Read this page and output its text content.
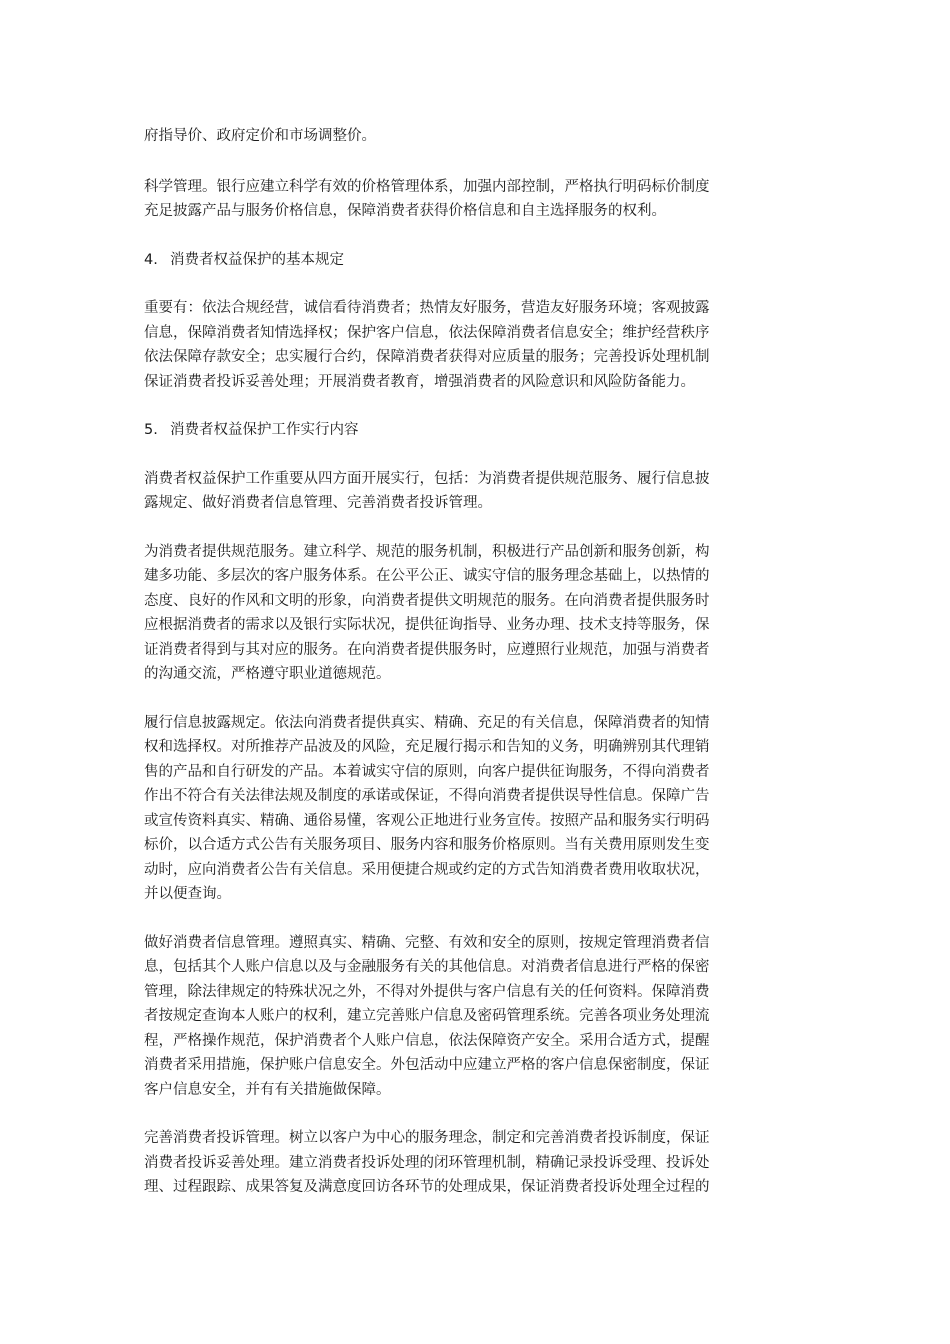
府指导价、政府定价和市场调整价。

科学管理。银行应建立科学有效的价格管理体系，加强内部控制，严格执行明码标价制度
充足披露产品与服务价格信息，保障消费者获得价格信息和自主选择服务的权利。

4. 消费者权益保护的基本规定

重要有：依法合规经营，诚信看待消费者；热情友好服务，营造友好服务环境；客观披露
信息，保障消费者知情选择权；保护客户信息，依法保障消费者信息安全；维护经营秩序
依法保障存款安全；忠实履行合约，保障消费者获得对应质量的服务；完善投诉处理机制
保证消费者投诉妥善处理；开展消费者教育，增强消费者的风险意识和风险防备能力。

5. 消费者权益保护工作实行内容

消费者权益保护工作重要从四方面开展实行，包括：为消费者提供规范服务、履行信息披
露规定、做好消费者信息管理、完善消费者投诉管理。

为消费者提供规范服务。建立科学、规范的服务机制，积极进行产品创新和服务创新，构
建多功能、多层次的客户服务体系。在公平公正、诚实守信的服务理念基础上，以热情的
态度、良好的作风和文明的形象，向消费者提供文明规范的服务。在向消费者提供服务时
应根据消费者的需求以及银行实际状况，提供征询指导、业务办理、技术支持等服务，保
证消费者得到与其对应的服务。在向消费者提供服务时，应遵照行业规范，加强与消费者
的沟通交流，严格遵守职业道德规范。

履行信息披露规定。依法向消费者提供真实、精确、充足的有关信息，保障消费者的知情
权和选择权。对所推荐产品波及的风险，充足履行揭示和告知的义务，明确辨别其代理销
售的产品和自行研发的产品。本着诚实守信的原则，向客户提供征询服务，不得向消费者
作出不符合有关法律法规及制度的承诺或保证，不得向消费者提供误导性信息。保障广告
或宣传资料真实、精确、通俗易懂，客观公正地进行业务宣传。按照产品和服务实行明码
标价，以合适方式公告有关服务项目、服务内容和服务价格原则。当有关费用原则发生变
动时，应向消费者公告有关信息。采用便捷合规或约定的方式告知消费者费用收取状况，
并以便查询。

做好消费者信息管理。遵照真实、精确、完整、有效和安全的原则，按规定管理消费者信
息，包括其个人账户信息以及与金融服务有关的其他信息。对消费者信息进行严格的保密
管理，除法律规定的特殊状况之外，不得对外提供与客户信息有关的任何资料。保障消费
者按规定查询本人账户的权利，建立完善账户信息及密码管理系统。完善各项业务处理流
程，严格操作规范，保护消费者个人账户信息，依法保障资产安全。采用合适方式，提醒
消费者采用措施，保护账户信息安全。外包活动中应建立严格的客户信息保密制度，保证
客户信息安全，并有有关措施做保障。

完善消费者投诉管理。树立以客户为中心的服务理念，制定和完善消费者投诉制度，保证
消费者投诉妥善处理。建立消费者投诉处理的闭环管理机制，精确记录投诉受理、投诉处
理、过程跟踪、成果答复及满意度回访各环节的处理成果，保证消费者投诉处理全过程的
